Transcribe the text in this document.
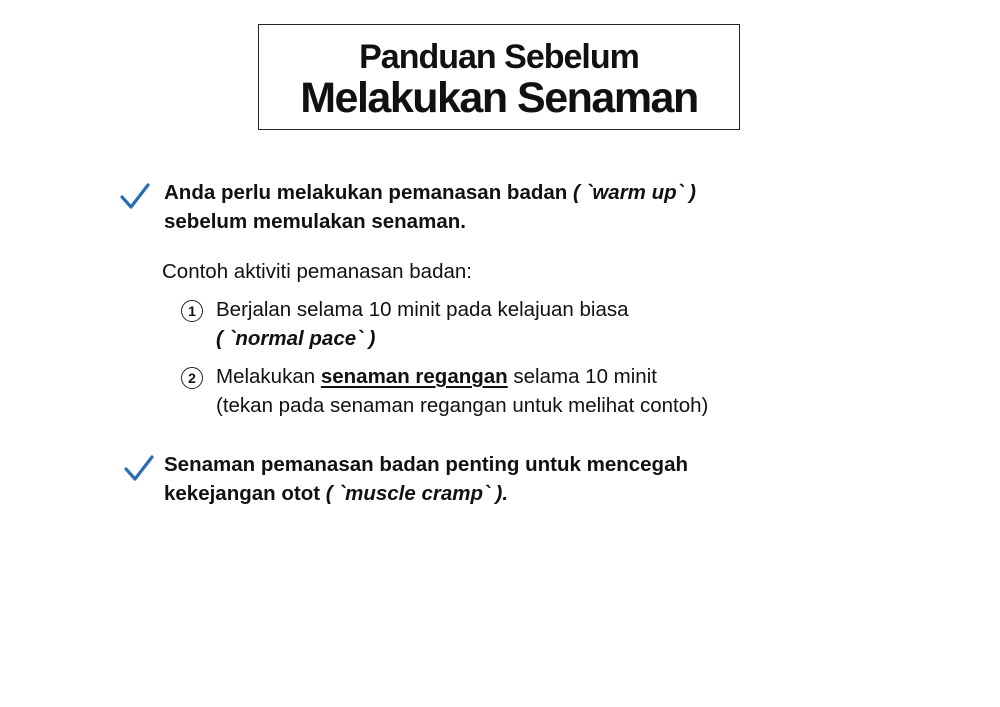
Panduan Sebelum
Melakukan Senaman
Anda perlu melakukan pemanasan badan ( `warm up` )
sebelum memulakan senaman.
Contoh aktiviti pemanasan badan:
1 Berjalan selama 10 minit pada kelajuan biasa
( `normal pace` )
2 Melakukan senaman regangan selama 10 minit
(tekan pada senaman regangan untuk melihat contoh)
Senaman pemanasan badan penting untuk mencegah
kekejangan otot ( `muscle cramp` ).
